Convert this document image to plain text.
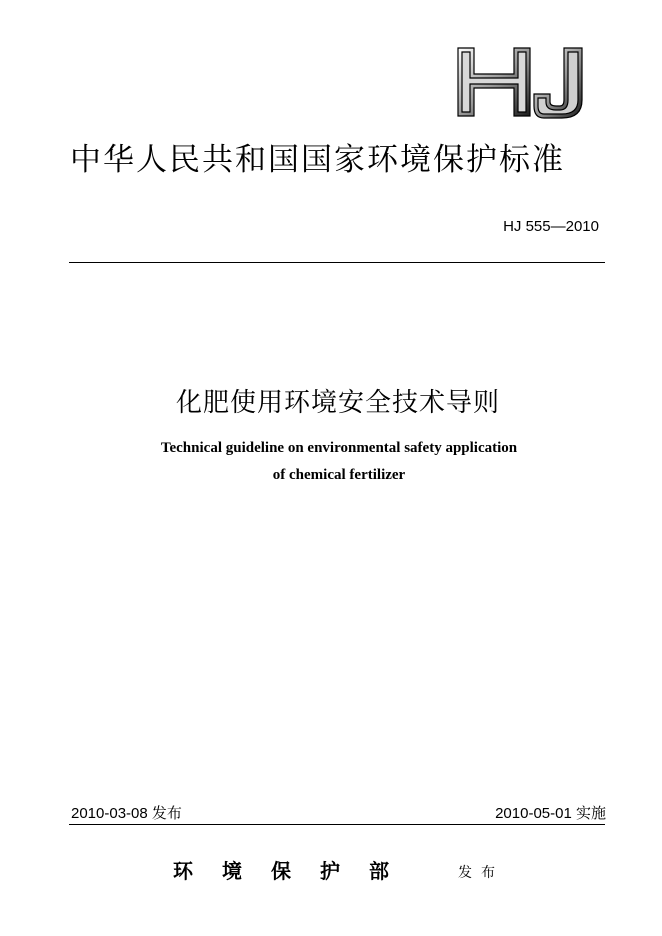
中华人民共和国国家环境保护标准
HJ 555—2010
化肥使用环境安全技术导则
Technical guideline on environmental safety application
of chemical fertilizer
2010-03-08 发布	2010-05-01 实施
环境保护部	发布
